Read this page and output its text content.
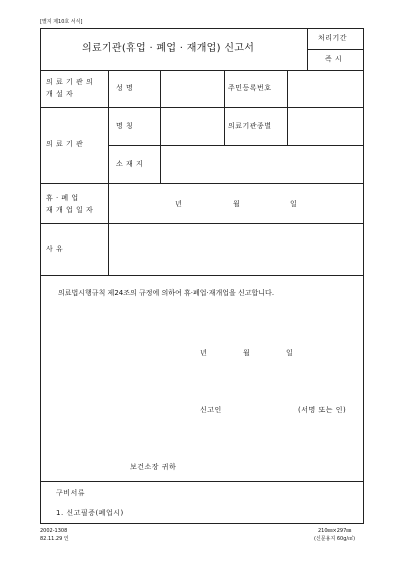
[별지 제10호 서식]
의료기관(휴업 · 폐업 · 재개업) 신고서
처리기간
즉 시
의 료 기 관 의
개 설 자
성 명	주민등록번호
의 료 기 관
명 칭	의료기관종별
소 재 지
휴 · 폐 업
재 개 업 일 자
년	월	일
사 유
의료법시행규칙 제24조의 규정에 의하여 휴·폐업·재개업을 신고합니다.
년	월	일
신고인	(서명 또는 인)
보건소장 귀하
구비서류
1. 신고필증(폐업시)
2002-1308
82.11.29 인
210㎜×297㎜
(신문용지 60g/㎡)
